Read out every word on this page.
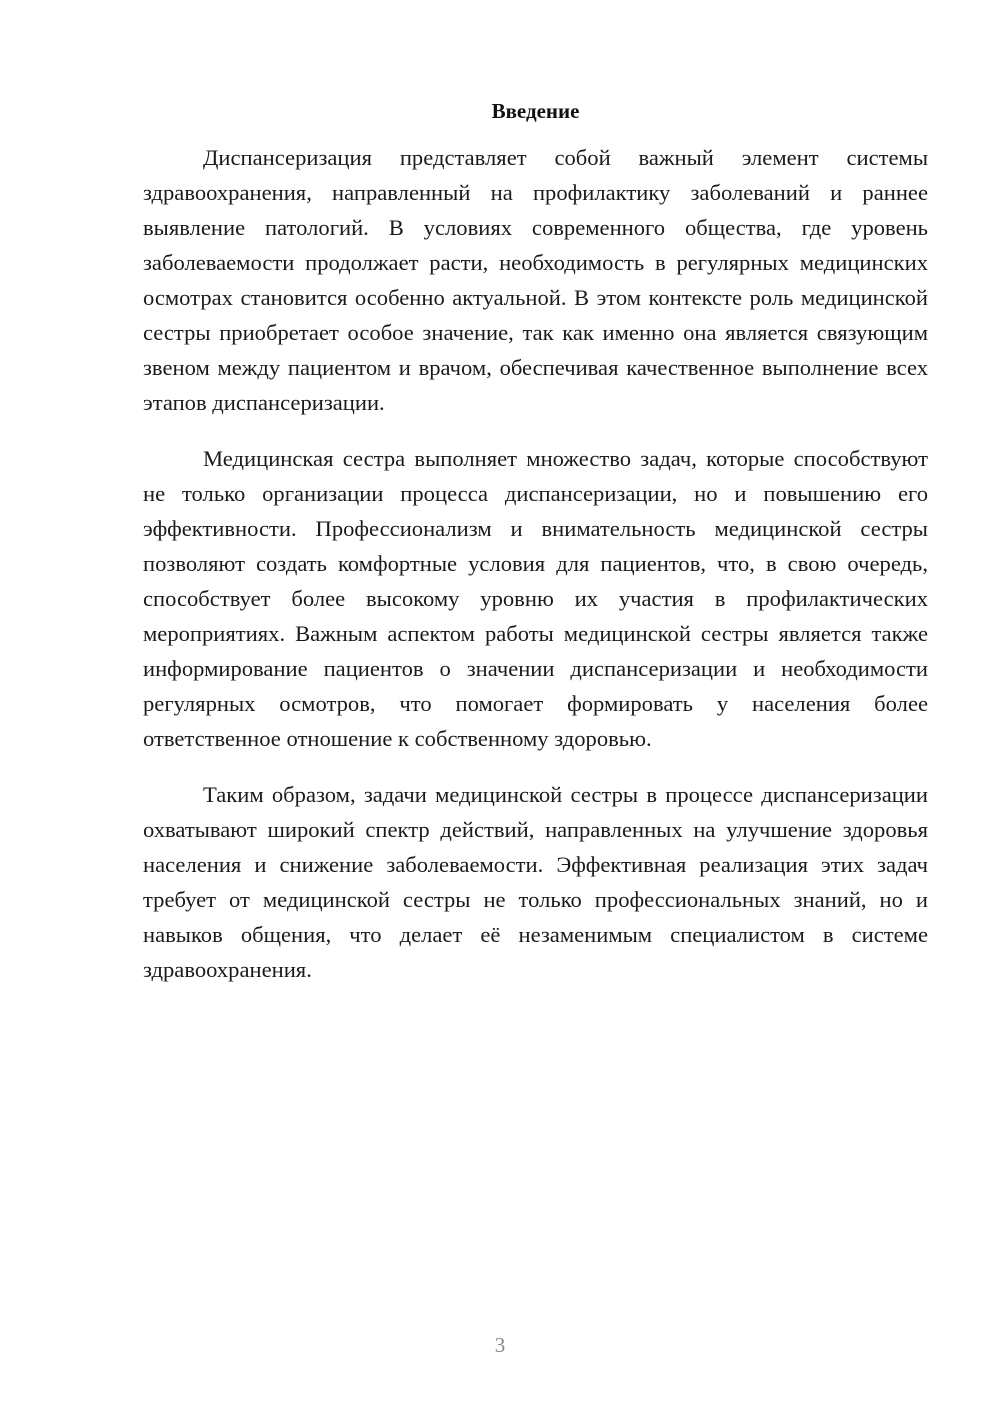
Введение

Диспансеризация представляет собой важный элемент системы здравоохранения, направленный на профилактику заболеваний и раннее выявление патологий. В условиях современного общества, где уровень заболеваемости продолжает расти, необходимость в регулярных медицинских осмотрах становится особенно актуальной. В этом контексте роль медицинской сестры приобретает особое значение, так как именно она является связующим звеном между пациентом и врачом, обеспечивая качественное выполнение всех этапов диспансеризации.

Медицинская сестра выполняет множество задач, которые способствуют не только организации процесса диспансеризации, но и повышению его эффективности. Профессионализм и внимательность медицинской сестры позволяют создать комфортные условия для пациентов, что, в свою очередь, способствует более высокому уровню их участия в профилактических мероприятиях. Важным аспектом работы медицинской сестры является также информирование пациентов о значении диспансеризации и необходимости регулярных осмотров, что помогает формировать у населения более ответственное отношение к собственному здоровью.

Таким образом, задачи медицинской сестры в процессе диспансеризации охватывают широкий спектр действий, направленных на улучшение здоровья населения и снижение заболеваемости. Эффективная реализация этих задач требует от медицинской сестры не только профессиональных знаний, но и навыков общения, что делает её незаменимым специалистом в системе здравоохранения.

3
